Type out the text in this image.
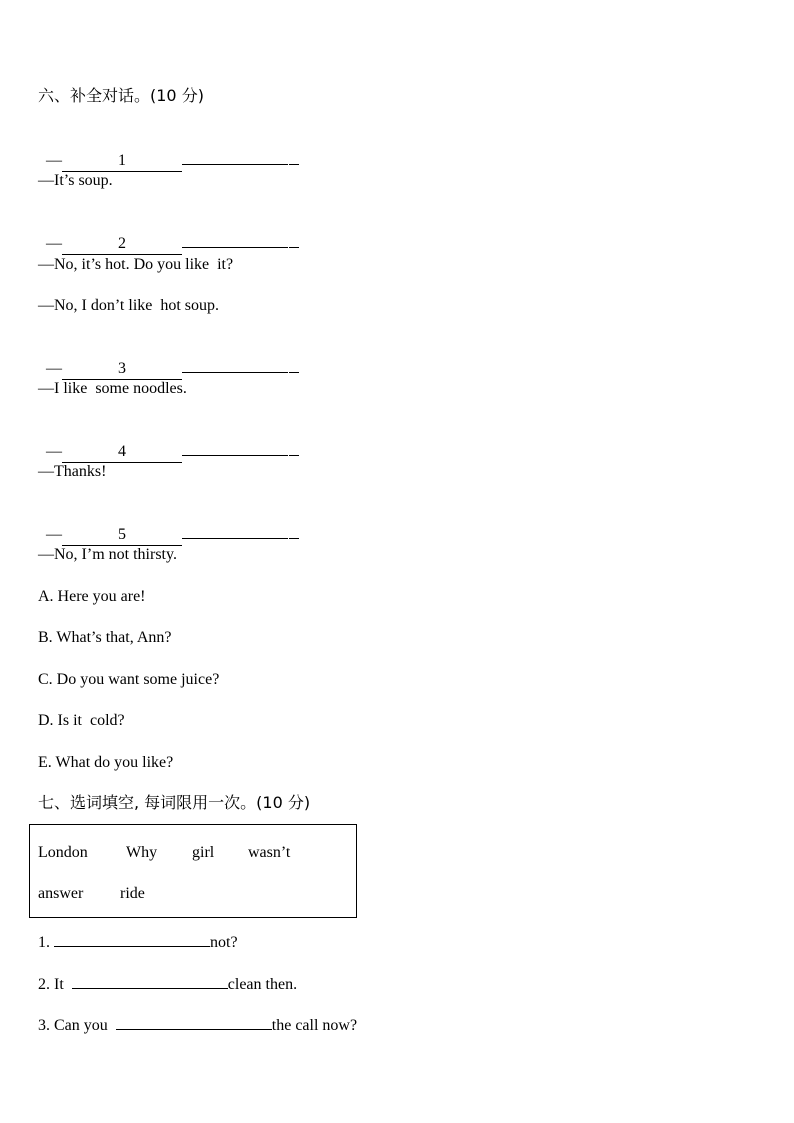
六、补全对话。(10 分)

—	1

—It’s soup.

—	2

—No, it’s hot. Do you like  it?
—No, I don’t like  hot soup.

—	3

—I like  some noodles.

—	4

—Thanks!

—	5

—No, I’m not thirsty.
A. Here you are!
B. What’s that, Ann?
C. Do you want some juice?
D. Is it  cold?
E. What do you like?
七、选词填空, 每词限用一次。(10 分)
London Why girl wasn’t
answer ride
1.	not?
2. It	clean then.
3. Can you	the call now?
